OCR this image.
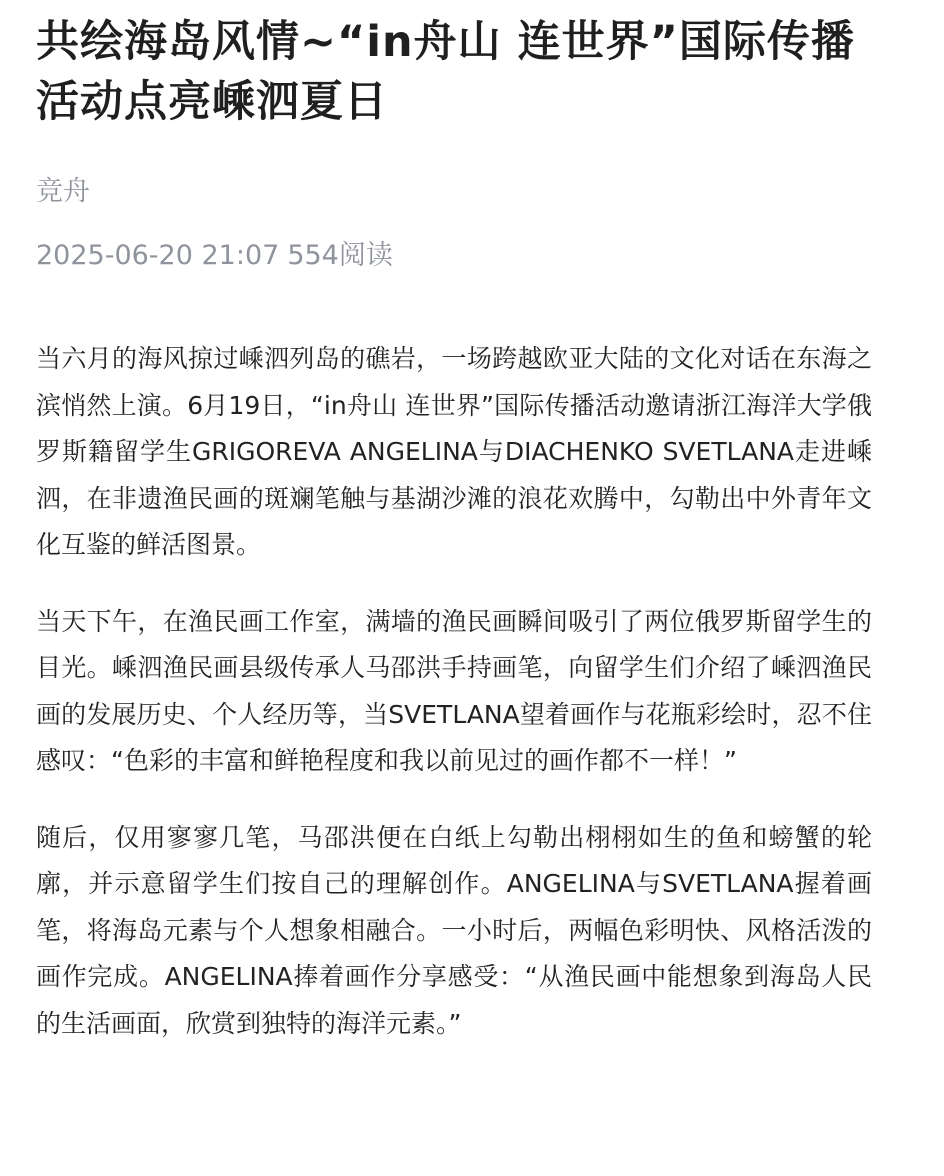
共绘海岛风情~“in舟山 连世界”国际传播活动点亮嵊泗夏日
竞舟
2025-06-20 21:07 554阅读

当六月的海风掠过嵊泗列岛的礁岩，一场跨越欧亚大陆的文化对话在东海之滨悄然上演。6月19日，“in舟山 连世界”国际传播活动邀请浙江海洋大学俄罗斯籍留学生GRIGOREVA ANGELINA与DIACHENKO SVETLANA走进嵊泗，在非遗渔民画的斑斓笔触与基湖沙滩的浪花欢腾中，勾勒出中外青年文化互鉴的鲜活图景。

当天下午，在渔民画工作室，满墙的渔民画瞬间吸引了两位俄罗斯留学生的目光。嵊泗渔民画县级传承人马邵洪手持画笔，向留学生们介绍了嵊泗渔民画的发展历史、个人经历等，当SVETLANA望着画作与花瓶彩绘时，忍不住感叹：“色彩的丰富和鲜艳程度和我以前见过的画作都不一样！”

随后，仅用寥寥几笔，马邵洪便在白纸上勾勒出栩栩如生的鱼和螃蟹的轮廓，并示意留学生们按自己的理解创作。ANGELINA与SVETLANA握着画笔，将海岛元素与个人想象相融合。一小时后，两幅色彩明快、风格活泼的画作完成。ANGELINA捧着画作分享感受：“从渔民画中能想象到海岛人民的生活画面，欣赏到独特的海洋元素。”
